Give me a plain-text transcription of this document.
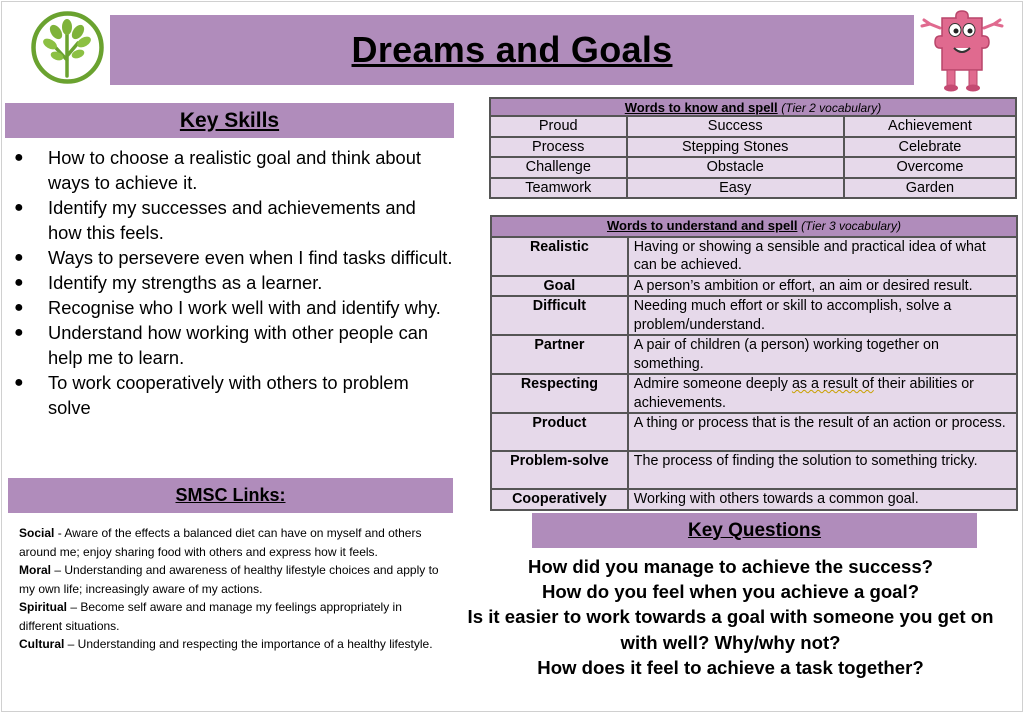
Dreams and Goals
Key Skills
● How to choose a realistic goal and think about ways to achieve it.
● Identify my successes and achievements and how this feels.
● Ways to persevere even when I find tasks difficult.
● Identify my strengths as a learner.
● Recognise who I work well with and identify why.
● Understand how working with other people can help me to learn.
● To work cooperatively with others to problem solve
SMSC Links:

Social - Aware of the effects a balanced diet can have on myself and others around me; enjoy sharing food with others and express how it feels.

Moral – Understanding and awareness of healthy lifestyle choices and apply to my own life; increasingly aware of my actions.

Spiritual – Become self aware and manage my feelings appropriately in different situations.

Cultural – Understanding and respecting the importance of a healthy lifestyle.

Words to know and spell (Tier 2 vocabulary)		
Proud	Success	Achievement
Process	Stepping Stones	Celebrate
Challenge	Obstacle	Overcome
Teamwork	Easy	Garden
Words to understand and spell (Tier 3 vocabulary)	
Realistic	Having or showing a sensible and practical idea of what can be achieved.
Goal	A person’s ambition or effort, an aim or desired result.
Difficult	Needing much effort or skill to accomplish, solve a problem/understand.
Partner	A pair of children (a person) working together on something.
Respecting	Admire someone deeply as a result of their abilities or achievements.
Product	A thing or process that is the result of an action or process.
Problem-solve	The process of finding the solution to something tricky.
Cooperatively	Working with others towards a common goal.
Key Questions

How did you manage to achieve the success?

How do you feel when you achieve a goal?

Is it easier to work towards a goal with someone you get on with well? Why/why not?

How does it feel to achieve a task together?
